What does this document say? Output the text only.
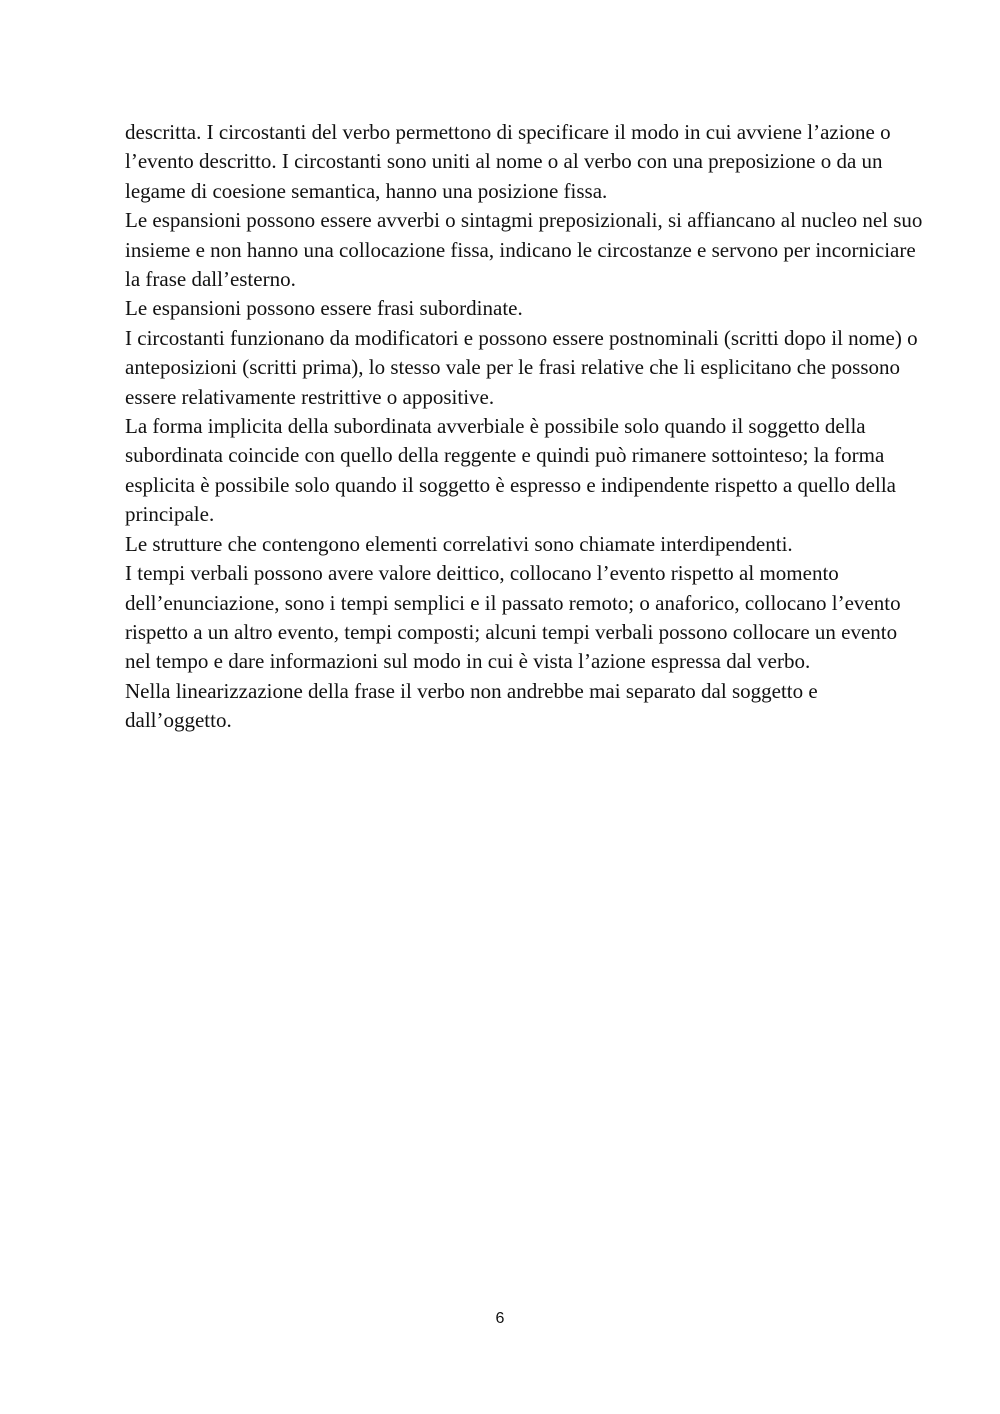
descritta. I circostanti del verbo permettono di specificare il modo in cui avviene l’azione o l’evento descritto. I circostanti sono uniti al nome o al verbo con una preposizione o da un legame di coesione semantica, hanno una posizione fissa.

Le espansioni possono essere avverbi o sintagmi preposizionali, si affiancano al nucleo nel suo insieme e non hanno una collocazione fissa, indicano le circostanze e servono per incorniciare la frase dall’esterno.

Le espansioni possono essere frasi subordinate.

I circostanti funzionano da modificatori e possono essere postnominali (scritti dopo il nome) o anteposizioni (scritti prima), lo stesso vale per le frasi relative che li esplicitano che possono essere relativamente restrittive o appositive.

La forma implicita della subordinata avverbiale è possibile solo quando il soggetto della subordinata coincide con quello della reggente e quindi può rimanere sottointeso; la forma esplicita è possibile solo quando il soggetto è espresso e indipendente rispetto a quello della principale.

Le strutture che contengono elementi correlativi sono chiamate interdipendenti.

I tempi verbali possono avere valore deittico, collocano l’evento rispetto al momento dell’enunciazione, sono i tempi semplici e il passato remoto; o anaforico, collocano l’evento rispetto a un altro evento, tempi composti; alcuni tempi verbali possono collocare un evento nel tempo e dare informazioni sul modo in cui è vista l’azione espressa dal verbo.

Nella linearizzazione della frase il verbo non andrebbe mai separato dal soggetto e dall’oggetto.

6
